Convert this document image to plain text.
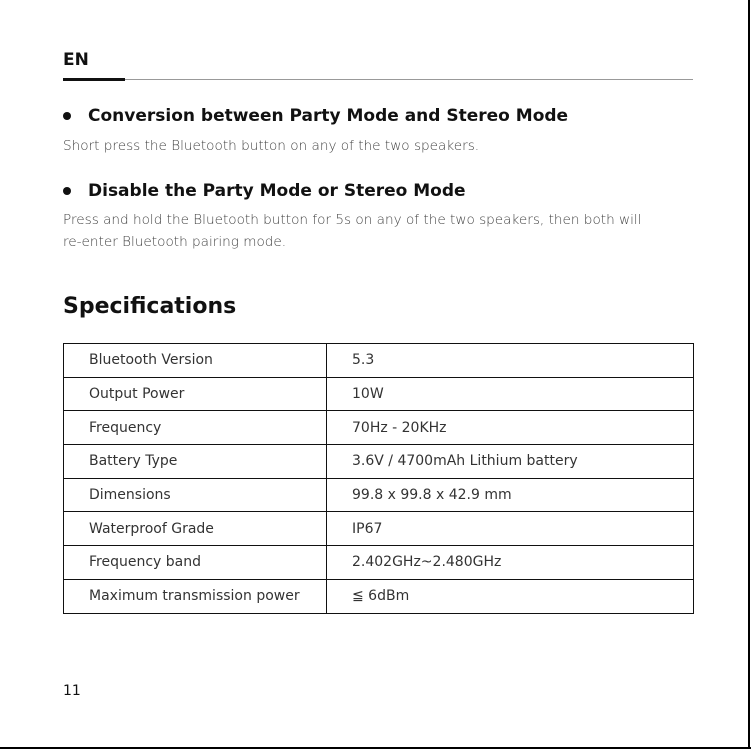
EN
Conversion between Party Mode and Stereo Mode
Short press the Bluetooth button on any of the two speakers.
Disable the Party Mode or Stereo Mode
Press and hold the Bluetooth button for 5s on any of the two speakers, then both will
re-enter Bluetooth pairing mode.
Specifications
Bluetooth Version	5.3
Output Power	10W
Frequency	70Hz - 20KHz
Battery Type	3.6V / 4700mAh Lithium battery
Dimensions	99.8 x 99.8 x 42.9 mm
Waterproof Grade	IP67
Frequency band	2.402GHz~2.480GHz
Maximum transmission power	≦ 6dBm
11
